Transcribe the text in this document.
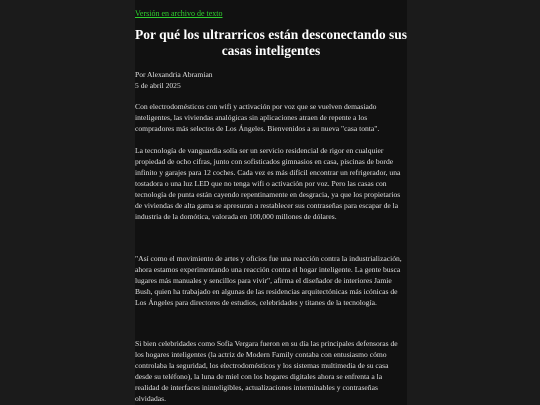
Versión en archivo de texto
Por qué los ultrarricos están desconectando sus casas inteligentes
Por Alexandria Abramian
5 de abril 2025

Con electrodomésticos con wifi y activación por voz que se vuelven demasiado inteligentes, las viviendas analógicas sin aplicaciones atraen de repente a los compradores más selectos de Los Ángeles. Bienvenidos a su nueva "casa tonta".

La tecnología de vanguardia solía ser un servicio residencial de rigor en cualquier propiedad de ocho cifras, junto con sofisticados gimnasios en casa, piscinas de borde infinito y garajes para 12 coches. Cada vez es más difícil encontrar un refrigerador, una tostadora o una luz LED que no tenga wifi o activación por voz. Pero las casas con tecnología de punta están cayendo repentinamente en desgracia, ya que los propietarios de viviendas de alta gama se apresuran a restablecer sus contraseñas para escapar de la industria de la domótica, valorada en 100,000 millones de dólares.

"Así como el movimiento de artes y oficios fue una reacción contra la industrialización, ahora estamos experimentando una reacción contra el hogar inteligente. La gente busca lugares más manuales y sencillos para vivir", afirma el diseñador de interiores Jamie Bush, quien ha trabajado en algunas de las residencias arquitectónicas más icónicas de Los Ángeles para directores de estudios, celebridades y titanes de la tecnología.

Si bien celebridades como Sofía Vergara fueron en su día las principales defensoras de los hogares inteligentes (la actriz de Modern Family contaba con entusiasmo cómo controlaba la seguridad, los electrodomésticos y los sistemas multimedia de su casa desde su teléfono), la luna de miel con los hogares digitales ahora se enfrenta a la realidad de interfaces ininteligibles, actualizaciones interminables y contraseñas olvidadas.
